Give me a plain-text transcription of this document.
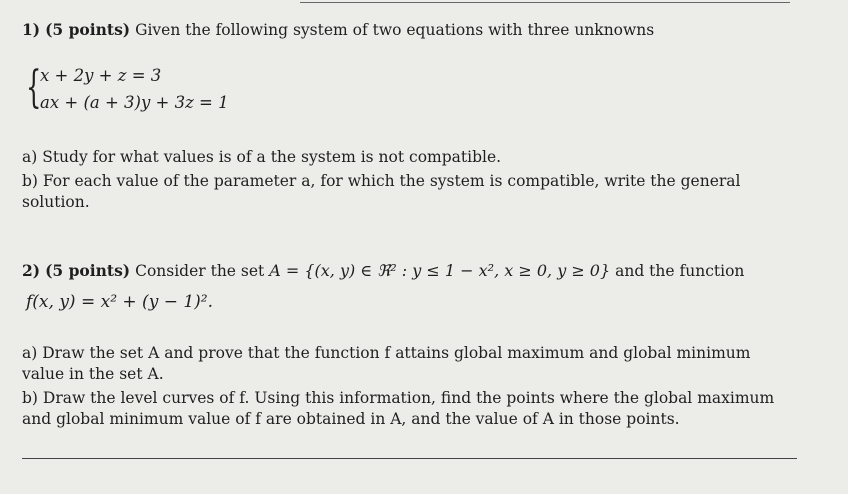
1) (5 points) Given the following system of two equations with three unknowns
{
x + 2y + z = 3
ax + (a + 3)y + 3z = 1
a) Study for what values is of a the system is not compatible.
b) For each value of the parameter a, for which the system is compatible, write the general
solution.
2) (5 points) Consider the set A = {(x, y) ∈ ℜ² : y ≤ 1 − x², x ≥ 0, y ≥ 0} and the function
f(x, y) = x² + (y − 1)².
a) Draw the set A and prove that the function f attains global maximum and global minimum
value in the set A.
b) Draw the level curves of f. Using this information, find the points where the global maximum
and global minimum value of f are obtained in A, and the value of A in those points.
